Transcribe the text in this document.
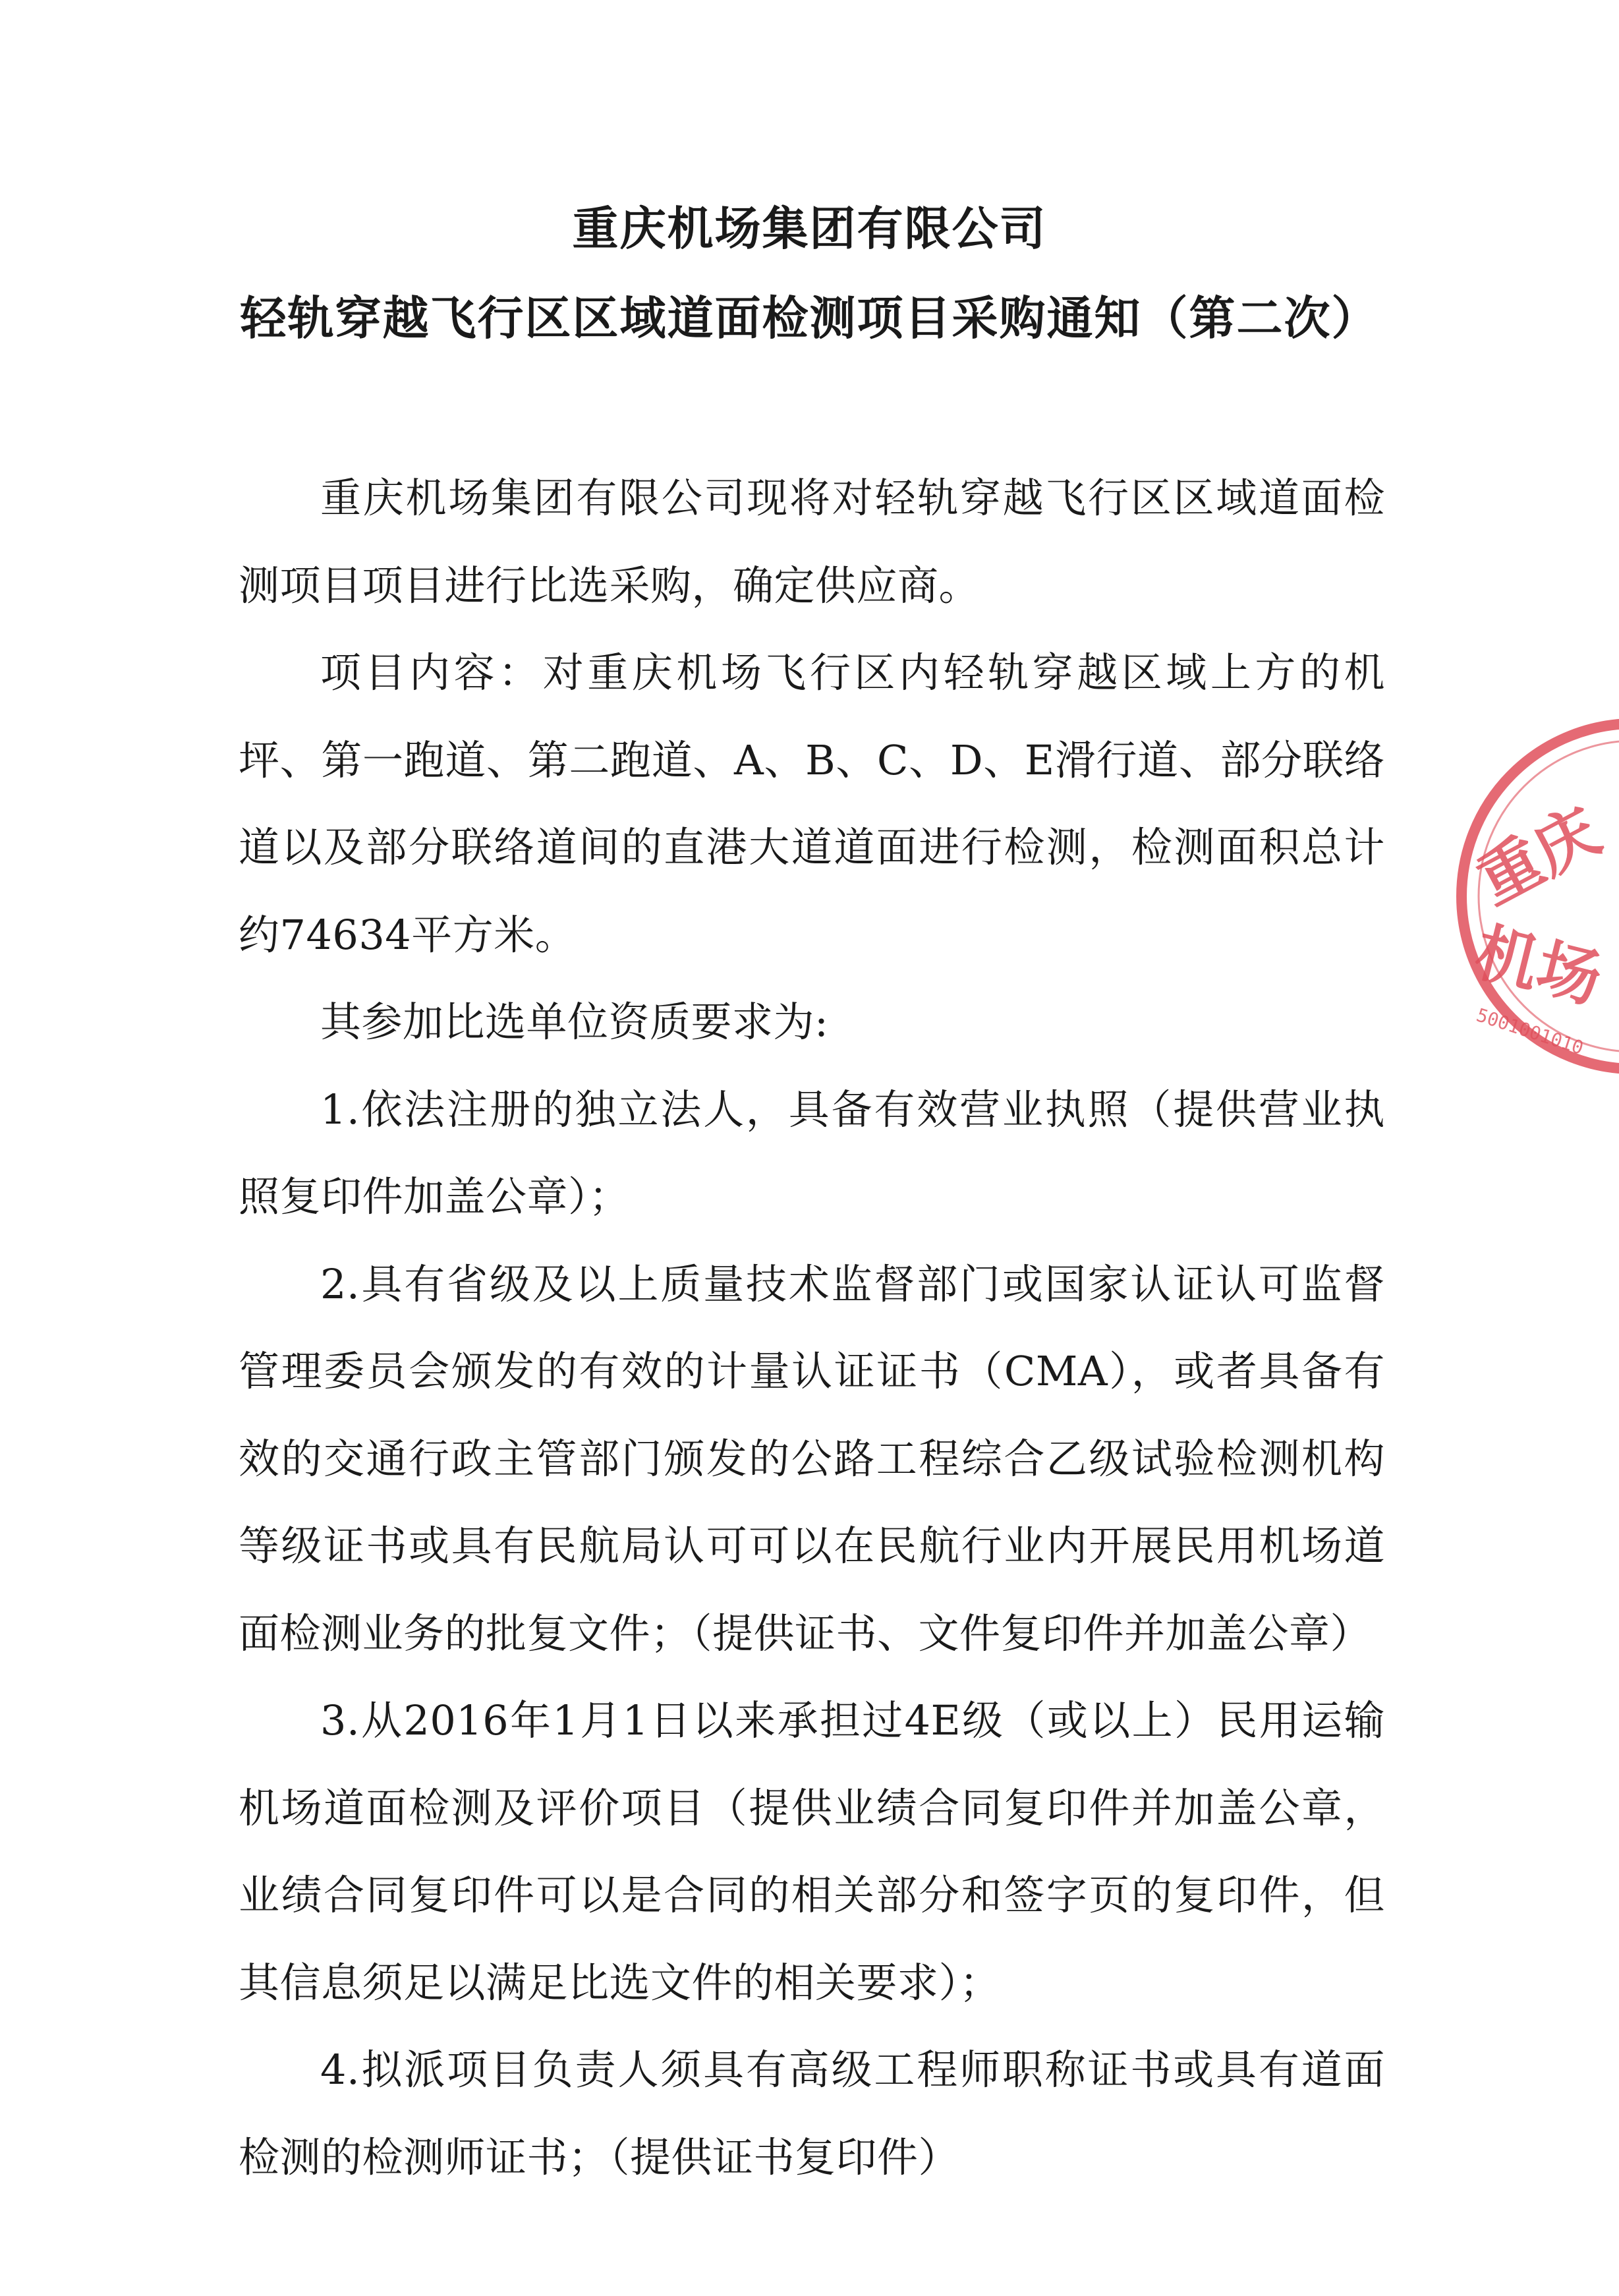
重庆机场集团有限公司
轻轨穿越飞行区区域道面检测项目采购通知（第二次）

重庆机场集团有限公司现将对轻轨穿越飞行区区域道面检测项目项目进行比选采购，确定供应商。

项目内容：对重庆机场飞行区内轻轨穿越区域上方的机坪、第一跑道、第二跑道、A、B、C、D、E滑行道、部分联络道以及部分联络道间的直港大道道面进行检测，检测面积总计约74634平方米。

其参加比选单位资质要求为:

1.依法注册的独立法人，具备有效营业执照（提供营业执照复印件加盖公章）；

2.具有省级及以上质量技术监督部门或国家认证认可监督管理委员会颁发的有效的计量认证证书（CMA），或者具备有效的交通行政主管部门颁发的公路工程综合乙级试验检测机构等级证书或具有民航局认可可以在民航行业内开展民用机场道面检测业务的批复文件；（提供证书、文件复印件并加盖公章）

3.从2016年1月1日以来承担过4E级（或以上）民用运输机场道面检测及评价项目（提供业绩合同复印件并加盖公章，业绩合同复印件可以是合同的相关部分和签字页的复印件，但其信息须足以满足比选文件的相关要求）；

4.拟派项目负责人须具有高级工程师职称证书或具有道面检测的检测师证书；（提供证书复印件）

重庆
机场
5001001010
